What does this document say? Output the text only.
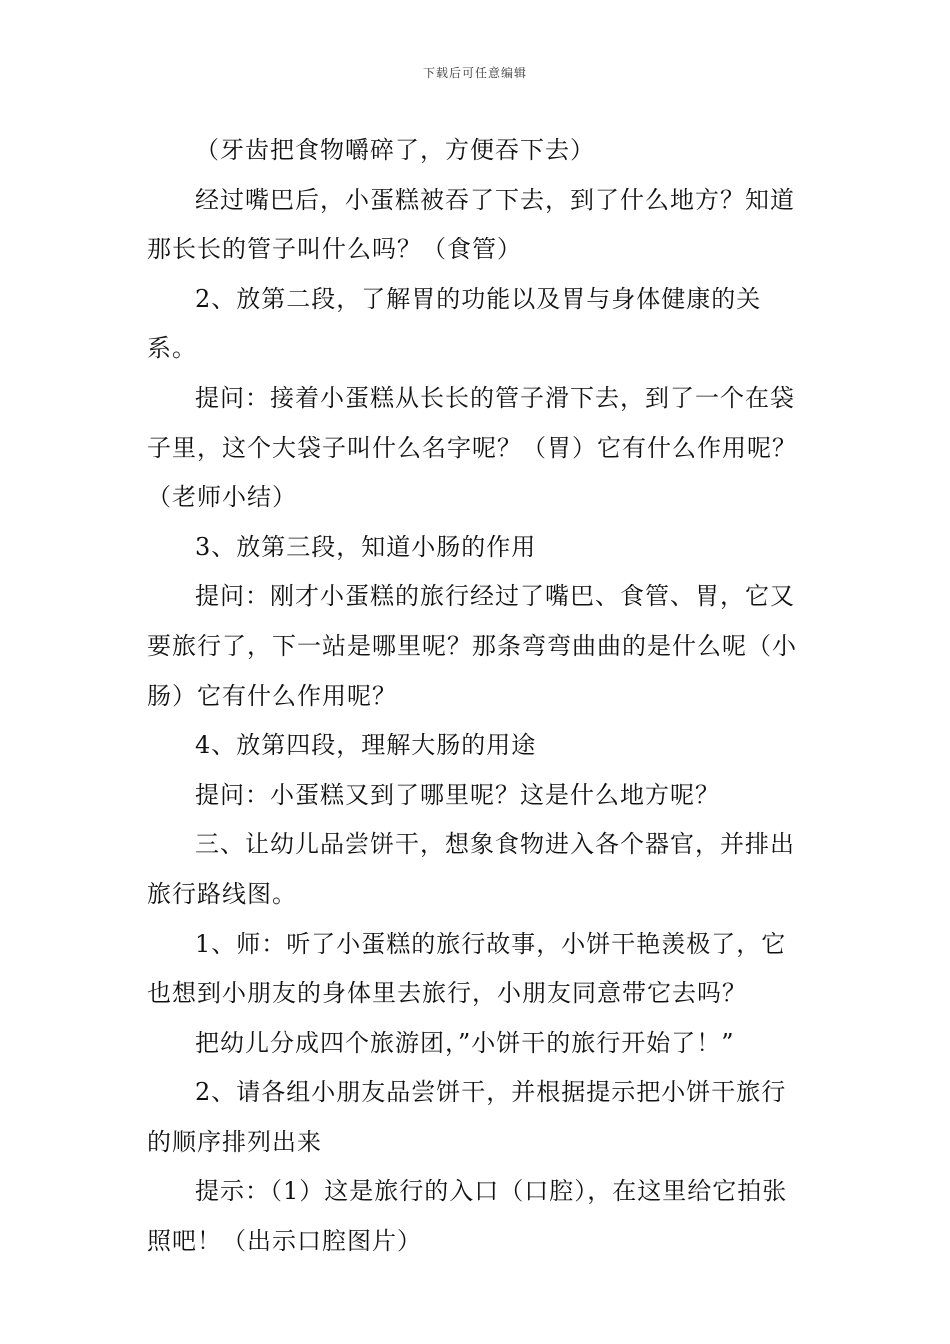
下载后可任意编辑

（牙齿把食物嚼碎了，方便吞下去）

经过嘴巴后，小蛋糕被吞了下去，到了什么地方？知道那长长的管子叫什么吗？（食管）

2、放第二段，了解胃的功能以及胃与身体健康的关系。

提问：接着小蛋糕从长长的管子滑下去，到了一个在袋子里，这个大袋子叫什么名字呢？（胃）它有什么作用呢？（老师小结）

3、放第三段，知道小肠的作用

提问：刚才小蛋糕的旅行经过了嘴巴、食管、胃，它又要旅行了，下一站是哪里呢？那条弯弯曲曲的是什么呢（小肠）它有什么作用呢？

4、放第四段，理解大肠的用途

提问：小蛋糕又到了哪里呢？这是什么地方呢？

三、让幼儿品尝饼干，想象食物进入各个器官，并排出旅行路线图。

1、师：听了小蛋糕的旅行故事，小饼干艳羡极了，它也想到小朋友的身体里去旅行，小朋友同意带它去吗？

把幼儿分成四个旅游团，”小饼干的旅行开始了！”

2、请各组小朋友品尝饼干，并根据提示把小饼干旅行的顺序排列出来

提示：（1）这是旅行的入口（口腔），在这里给它拍张照吧！（出示口腔图片）
